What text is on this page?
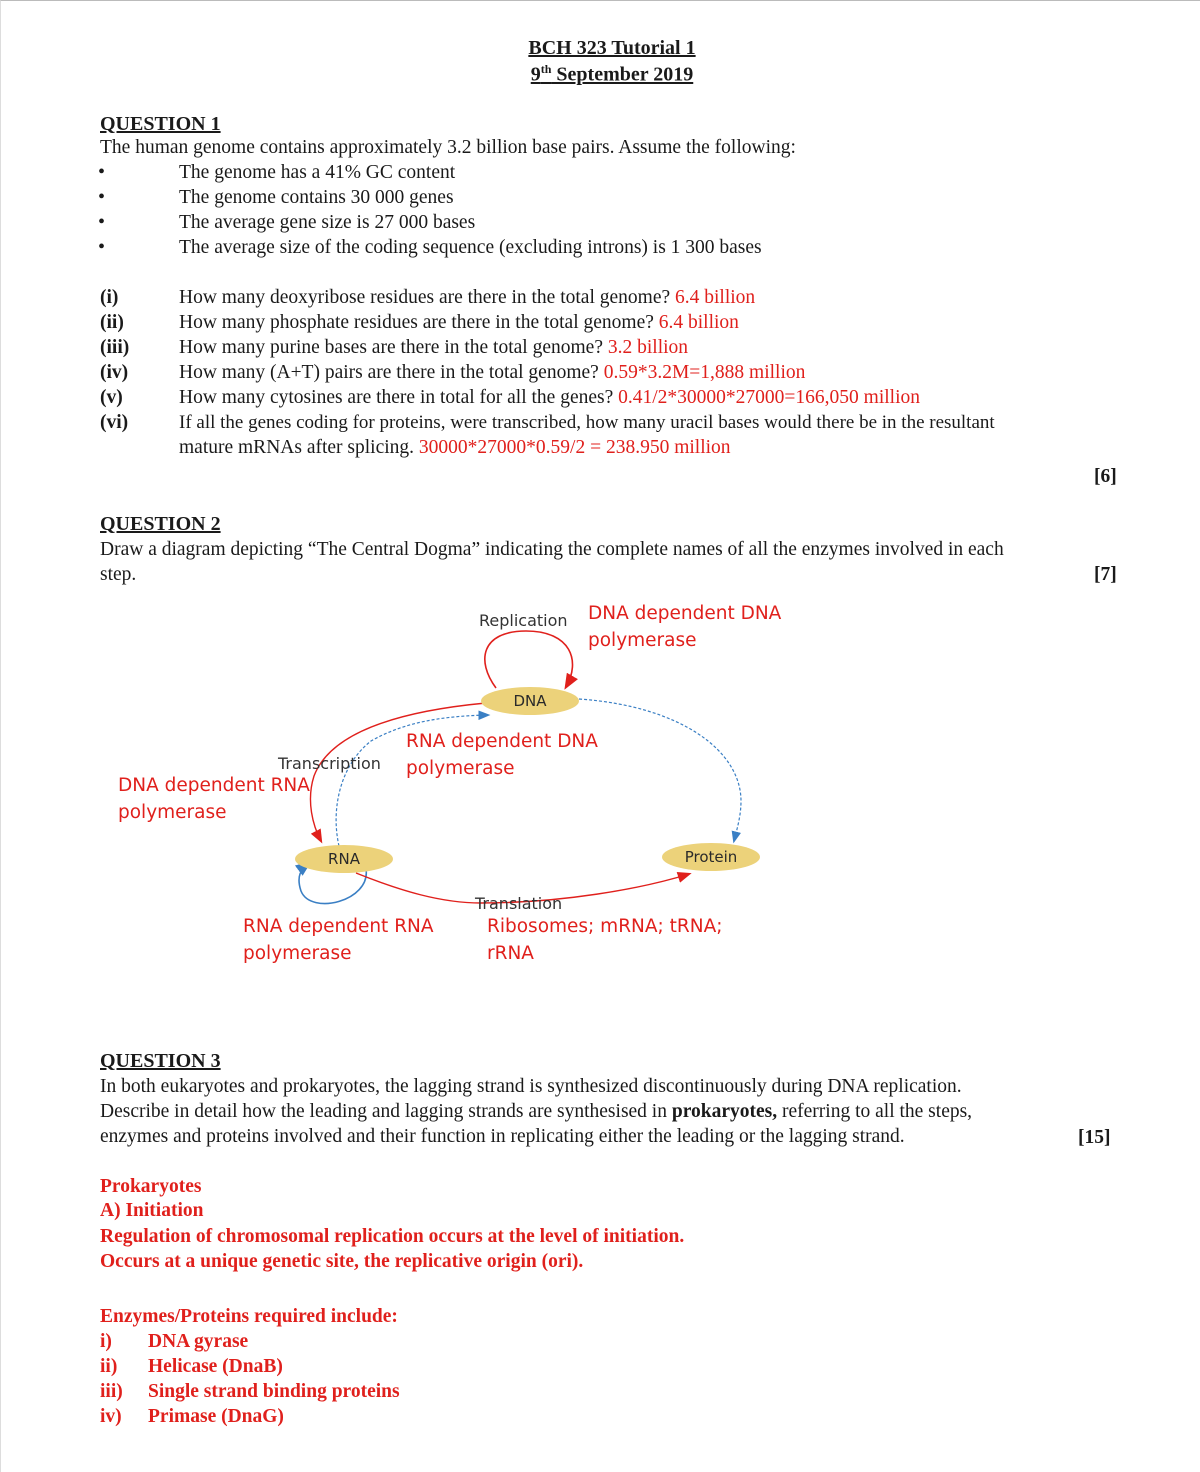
BCH 323 Tutorial 1
9th September 2019
QUESTION 1
The human genome contains approximately 3.2 billion base pairs. Assume the following:
•	The genome has a 41% GC content
•	The genome contains 30 000 genes
•	The average gene size is 27 000 bases
•	The average size of the coding sequence (excluding introns) is 1 300 bases
(i)	How many deoxyribose residues are there in the total genome? 6.4 billion
(ii)	How many phosphate residues are there in the total genome? 6.4 billion
(iii)	How many purine bases are there in the total genome? 3.2 billion
(iv)	How many (A+T) pairs are there in the total genome? 0.59*3.2M=1,888 million
(v)	How many cytosines are there in total for all the genes? 0.41/2*30000*27000=166,050 million
(vi)	If all the genes coding for proteins, were transcribed, how many uracil bases would there be in the resultant
mature mRNAs after splicing. 30000*27000*0.59/2 = 238.950 million
[6]
QUESTION 2
Draw a diagram depicting “The Central Dogma” indicating the complete names of all the enzymes involved in each
step.	[7]
DNA
RNA	Protein
Replication
Transcription
Translation
DNA dependent DNA
polymerase
RNA dependent DNA
polymerase
DNA dependent RNA
polymerase
RNA dependent RNA
polymerase
Ribosomes; mRNA; tRNA;
rRNA
QUESTION 3
In both eukaryotes and prokaryotes, the lagging strand is synthesized discontinuously during DNA replication.
Describe in detail how the leading and lagging strands are synthesised in prokaryotes, referring to all the steps,
enzymes and proteins involved and their function in replicating either the leading or the lagging strand.	[15]
Prokaryotes
A) Initiation
Regulation of chromosomal replication occurs at the level of initiation.
Occurs at a unique genetic site, the replicative origin (ori).
Enzymes/Proteins required include:
i) DNA gyrase
ii) Helicase (DnaB)
iii) Single strand binding proteins
iv) Primase (DnaG)
